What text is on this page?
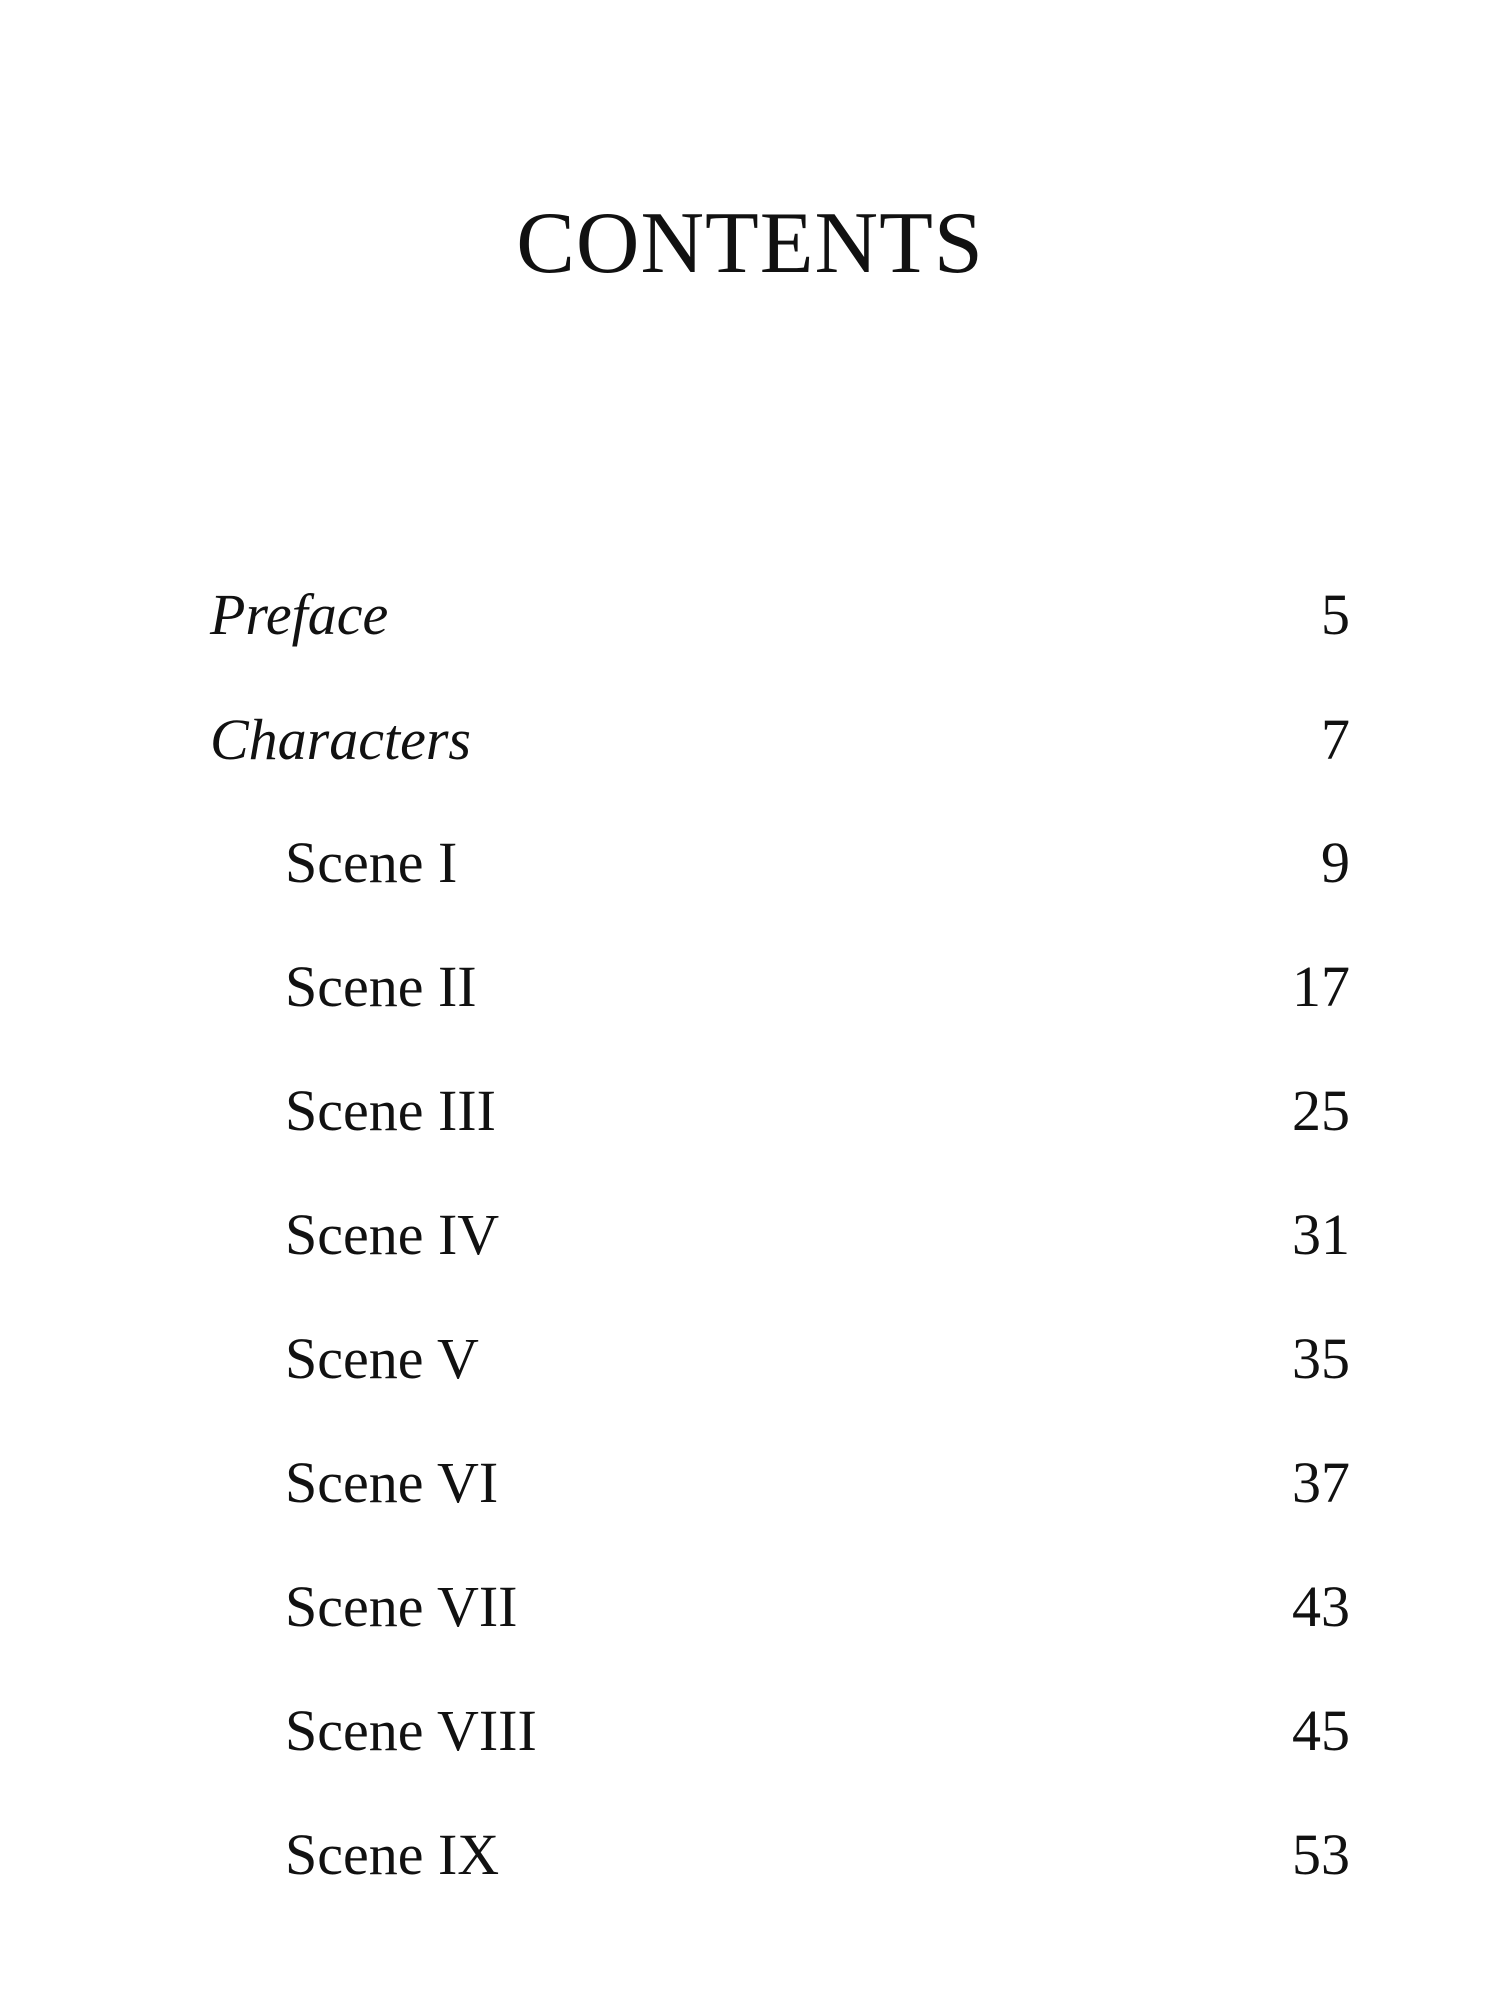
CONTENTS
Preface	5
Characters	7
Scene I	9
Scene II	17
Scene III	25
Scene IV	31
Scene V	35
Scene VI	37
Scene VII	43
Scene VIII	45
Scene IX	53
